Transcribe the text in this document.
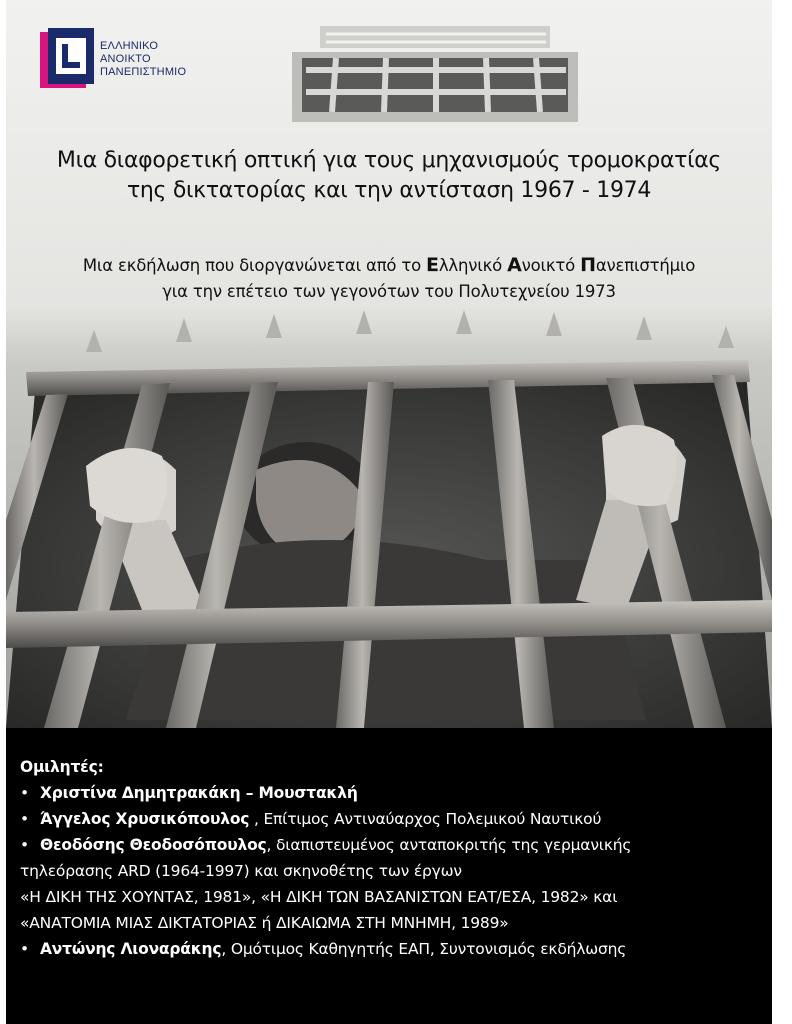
ΕΛΛΗΝΙΚΟ
ΑΝΟΙΚΤΟ
ΠΑΝΕΠΙΣΤΗΜΙΟ
Μια διαφορετική οπτική για τους μηχανισμούς τρομοκρατίας
της δικτατορίας και την αντίσταση 1967 - 1974
Μια εκδήλωση που διοργανώνεται από το Ελληνικό Ανοικτό Πανεπιστήμιο
για την επέτειο των γεγονότων του Πολυτεχνείου 1973
Ομιλητές:
• Χριστίνα Δημητρακάκη – Μουστακλή
• Άγγελος Χρυσικόπουλος , Επίτιμος Αντιναύαρχος Πολεμικού Ναυτικού
• Θεοδόσης Θεοδοσόπουλος, διαπιστευμένος ανταποκριτής της γερμανικής
τηλεόρασης ARD (1964-1997) και σκηνοθέτης των έργων
«Η ΔΙΚΗ ΤΗΣ ΧΟΥΝΤΑΣ, 1981», «Η ΔΙΚΗ ΤΩΝ ΒΑΣΑΝΙΣΤΩΝ ΕΑΤ/ΕΣΑ, 1982» και
«ΑΝΑΤΟΜΙΑ ΜΙΑΣ ΔΙΚΤΑΤΟΡΙΑΣ ή ΔΙΚΑΙΩΜΑ ΣΤΗ ΜΝΗΜΗ, 1989»
• Αντώνης Λιοναράκης, Ομότιμος Καθηγητής ΕΑΠ, Συντονισμός εκδήλωσης
